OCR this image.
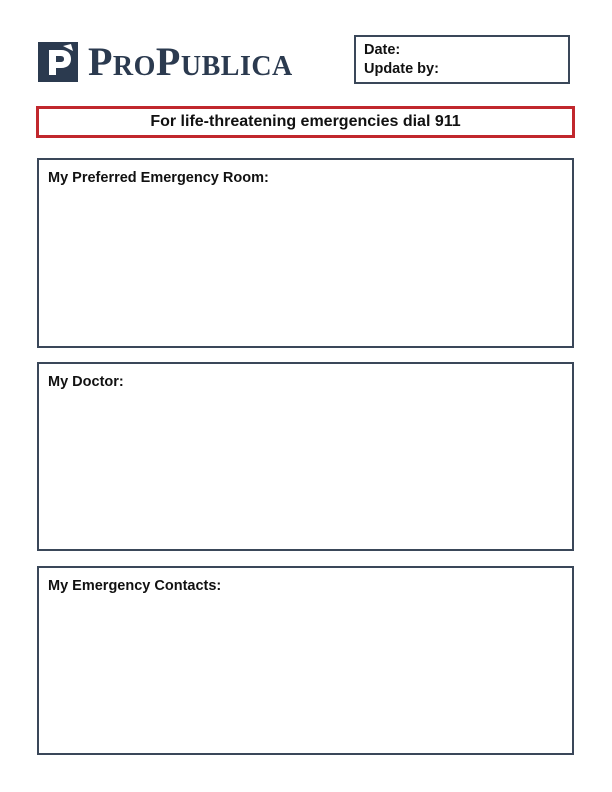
ProPublica	Date:
Update by:
For life-threatening emergencies dial 911
My Preferred Emergency Room:
My Doctor:
My Emergency Contacts:
